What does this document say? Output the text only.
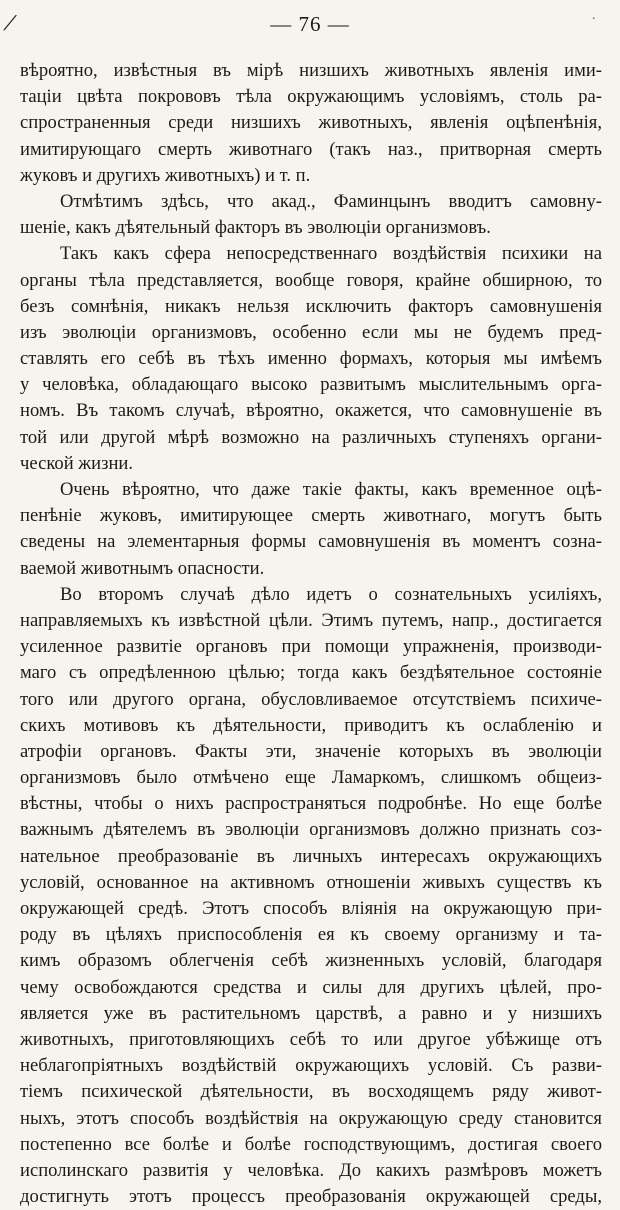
/	— 76 —	·
вѣроятно, извѣстныя въ мірѣ низшихъ животныхъ явленія ими-
таціи цвѣта покрововъ тѣла окружающимъ условіямъ, столь ра-
спространенныя среди низшихъ животныхъ, явленія оцѣпенѣнія,
имитирующаго смерть животнаго (такъ наз., притворная смерть
жуковъ и другихъ животныхъ) и т. п.
Отмѣтимъ здѣсь, что акад., Фаминцынъ вводитъ самовну-
шеніе, какъ дѣятельный факторъ въ эволюціи организмовъ.
Такъ какъ сфера непосредственнаго воздѣйствія психики на
органы тѣла представляется, вообще говоря, крайне обширною, то
безъ сомнѣнія, никакъ нельзя исключить факторъ самовнушенія
изъ эволюціи организмовъ, особенно если мы не будемъ пред-
ставлять его себѣ въ тѣхъ именно формахъ, которыя мы имѣемъ
у человѣка, обладающаго высоко развитымъ мыслительнымъ орга-
номъ. Въ такомъ случаѣ, вѣроятно, окажется, что самовнушеніе въ
той или другой мѣрѣ возможно на различныхъ ступеняхъ органи-
ческой жизни.
Очень вѣроятно, что даже такіе факты, какъ временное оцѣ-
пенѣніе жуковъ, имитирующее смерть животнаго, могутъ быть
сведены на элементарныя формы самовнушенія въ моментъ созна-
ваемой животнымъ опасности.
Во второмъ случаѣ дѣло идетъ о сознательныхъ усиліяхъ,
направляемыхъ къ извѣстной цѣли. Этимъ путемъ, напр., достигается
усиленное развитіе органовъ при помощи упражненія, производи-
маго съ опредѣленною цѣлью; тогда какъ бездѣятельное состояніе
того или другого органа, обусловливаемое отсутствіемъ психиче-
скихъ мотивовъ къ дѣятельности, приводитъ къ ослабленію и
атрофіи органовъ. Факты эти, значеніе которыхъ въ эволюціи
организмовъ было отмѣчено еще Ламаркомъ, слишкомъ общеиз-
вѣстны, чтобы о нихъ распространяться подробнѣе. Но еще болѣе
важнымъ дѣятелемъ въ эволюціи организмовъ должно признать соз-
нательное преобразованіе въ личныхъ интересахъ окружающихъ
условій, основанное на активномъ отношеніи живыхъ существъ къ
окружающей средѣ. Этотъ способъ вліянія на окружающую при-
роду въ цѣляхъ приспособленія ея къ своему организму и та-
кимъ образомъ облегченія себѣ жизненныхъ условій, благодаря
чему освобождаются средства и силы для другихъ цѣлей, про-
является уже въ растительномъ царствѣ, а равно и у низшихъ
животныхъ, приготовляющихъ себѣ то или другое убѣжище отъ
неблагопріятныхъ воздѣйствій окружающихъ условій. Съ разви-
тіемъ психической дѣятельности, въ восходящемъ ряду живот-
ныхъ, этотъ способъ воздѣйствія на окружающую среду становится
постепенно все болѣе и болѣе господствующимъ, достигая своего
исполинскаго развитія у человѣка. До какихъ размѣровъ можетъ
достигнуть этотъ процессъ преобразованія окружающей среды,
